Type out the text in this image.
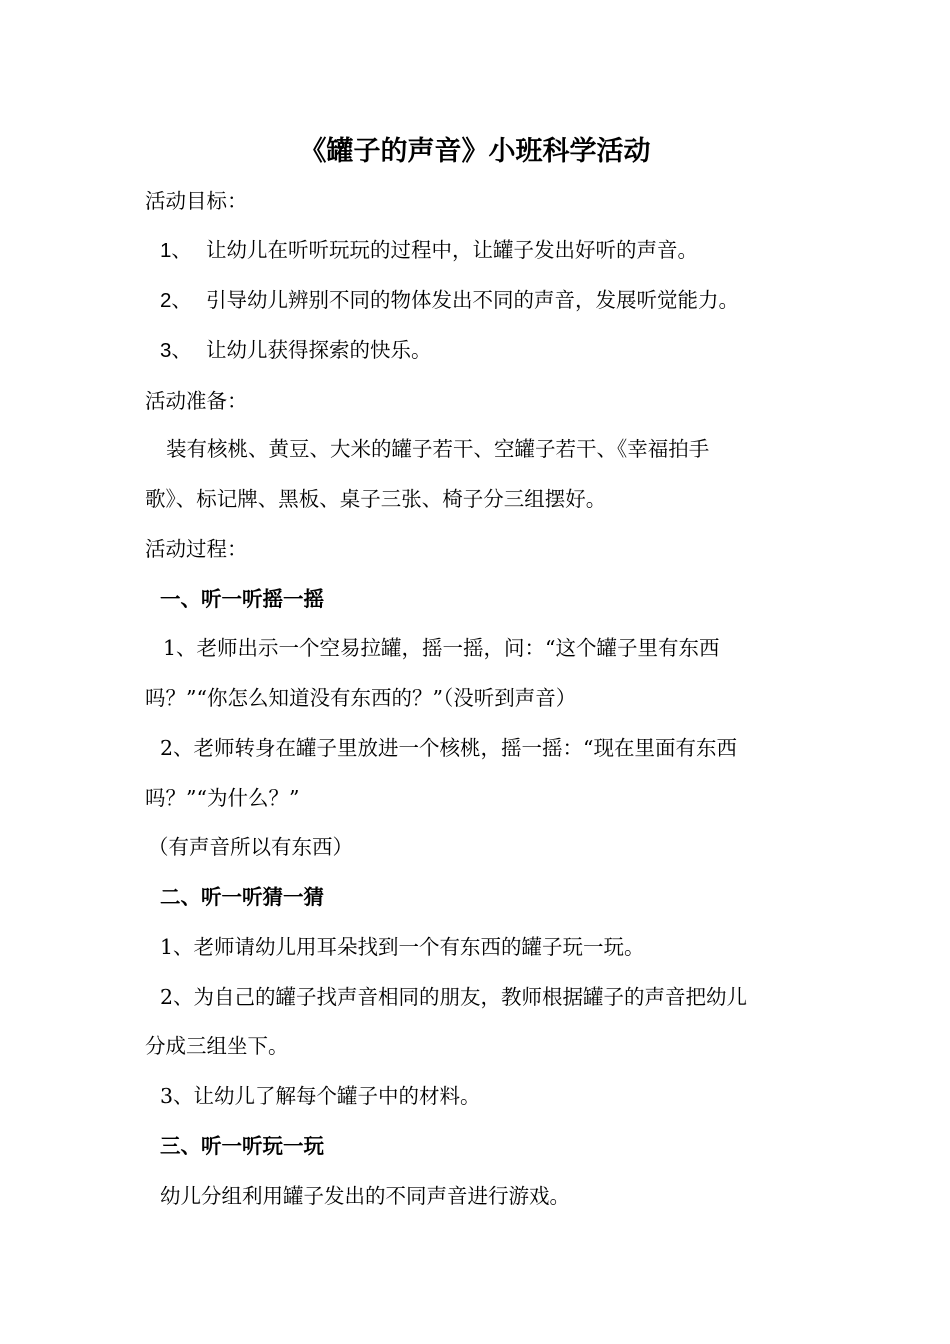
《罐子的声音》小班科学活动
活动目标：
1、 让幼儿在听听玩玩的过程中，让罐子发出好听的声音。
2、 引导幼儿辨别不同的物体发出不同的声音，发展听觉能力。
3、 让幼儿获得探索的快乐。
活动准备：
装有核桃、黄豆、大米的罐子若干、空罐子若干、《幸福拍手
歌》、标记牌、黑板、桌子三张、椅子分三组摆好。
活动过程：
一、听一听摇一摇
1、老师出示一个空易拉罐，摇一摇，问：“这个罐子里有东西
吗？”“你怎么知道没有东西的？”（没听到声音）
2、老师转身在罐子里放进一个核桃，摇一摇：“现在里面有东西
吗？”“为什么？”
（有声音所以有东西）
二、听一听猜一猜
1、老师请幼儿用耳朵找到一个有东西的罐子玩一玩。
2、为自己的罐子找声音相同的朋友，教师根据罐子的声音把幼儿
分成三组坐下。
3、让幼儿了解每个罐子中的材料。
三、听一听玩一玩
幼儿分组利用罐子发出的不同声音进行游戏。
